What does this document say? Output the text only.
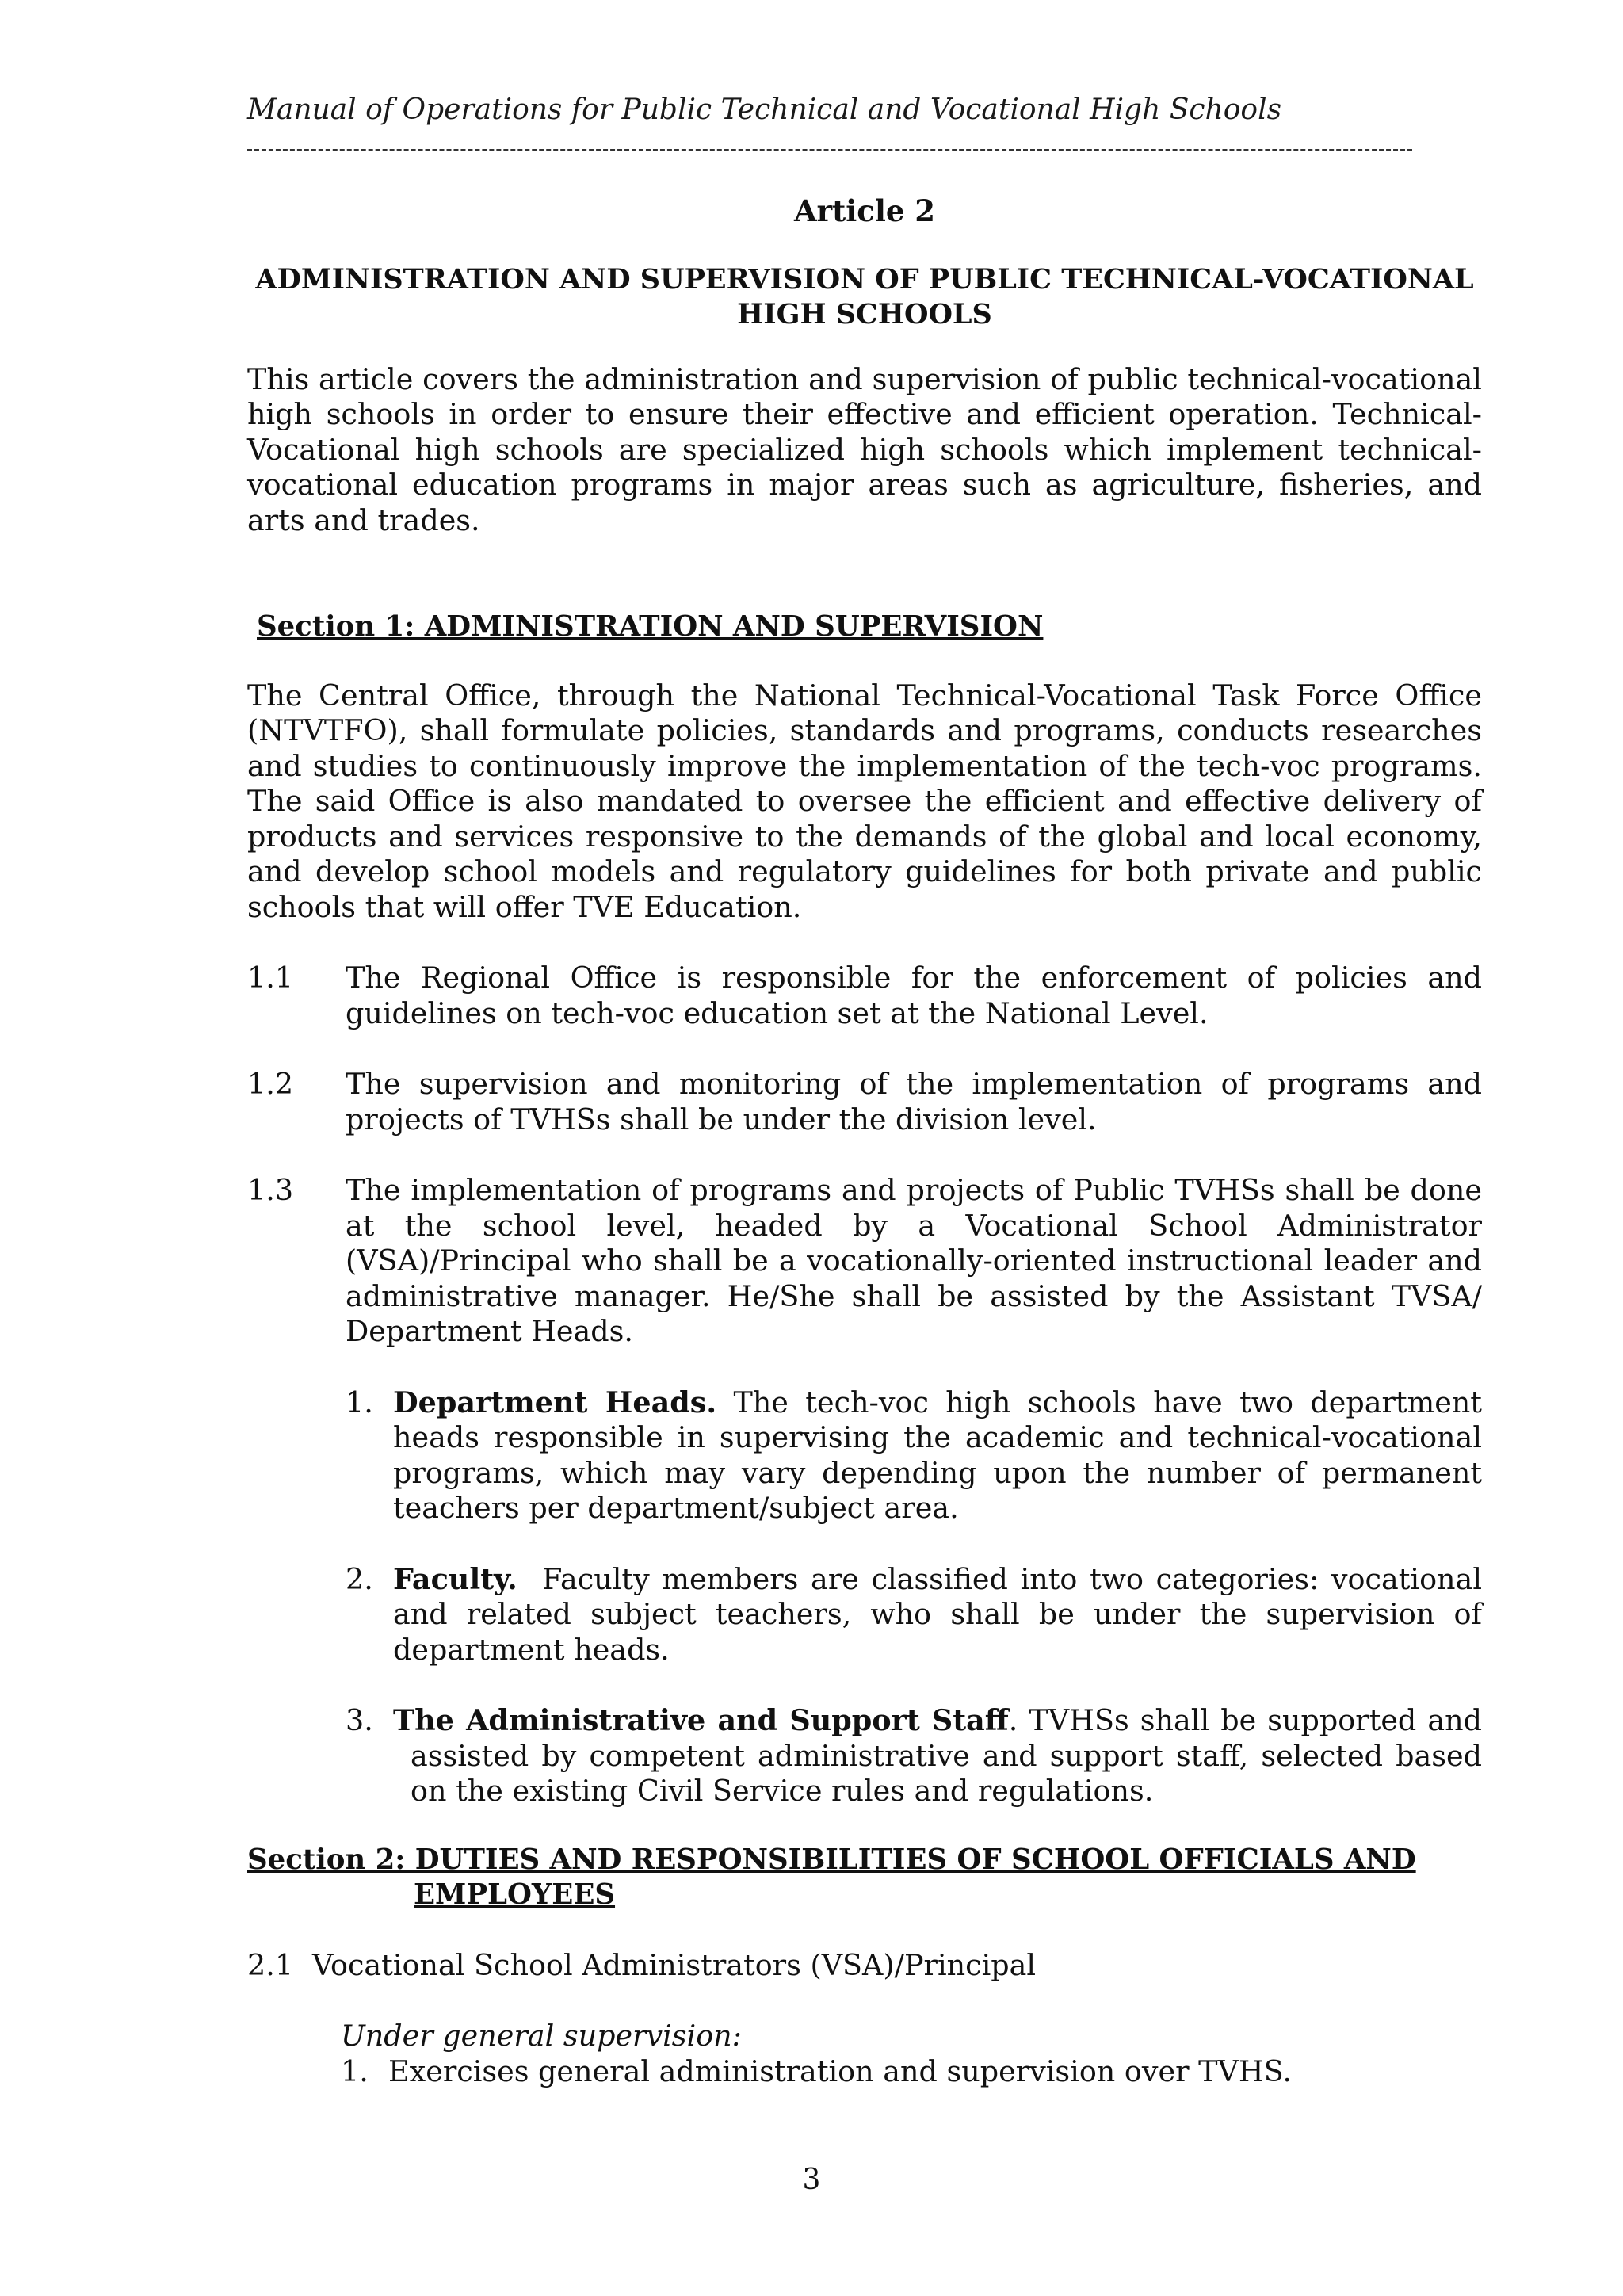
Manual of Operations for Public Technical and Vocational High Schools

Article 2

ADMINISTRATION AND SUPERVISION OF PUBLIC TECHNICAL-VOCATIONAL
HIGH SCHOOLS

This article covers the administration and supervision of public technical-vocational high schools in order to ensure their effective and efficient operation. Technical-Vocational high schools are specialized high schools which implement technical-vocational education programs in major areas such as agriculture, fisheries, and arts and trades.

Section 1: ADMINISTRATION AND SUPERVISION

The Central Office, through the National Technical-Vocational Task Force Office (NTVTFO), shall formulate policies, standards and programs, conducts researches and studies to continuously improve the implementation of the tech-voc programs. The said Office is also mandated to oversee the efficient and effective delivery of products and services responsive to the demands of the global and local economy, and develop school models and regulatory guidelines for both private and public schools that will offer TVE Education.

1.1	The Regional Office is responsible for the enforcement of policies and guidelines on tech-voc education set at the National Level.
1.2	The supervision and monitoring of the implementation of programs and projects of TVHSs shall be under the division level.
1.3	The implementation of programs and projects of Public TVHSs shall be done at the school level, headed by a Vocational School Administrator (VSA)/Principal who shall be a vocationally-oriented instructional leader and administrative manager. He/She shall be assisted by the Assistant TVSA/ Department Heads.
1. Department Heads. The tech-voc high schools have two department heads responsible in supervising the academic and technical-vocational programs, which may vary depending upon the number of permanent teachers per department/subject area.
2. Faculty.  Faculty members are classified into two categories: vocational and related subject teachers, who shall be under the supervision of department heads.
3. The Administrative and Support Staff. TVHSs shall be supported and assisted by competent administrative and support staff, selected based on the existing Civil Service rules and regulations.

Section 2: DUTIES AND RESPONSIBILITIES OF SCHOOL OFFICIALS AND
EMPLOYEES

2.1 Vocational School Administrators (VSA)/Principal

Under general supervision:

1. Exercises general administration and supervision over TVHS.
3
